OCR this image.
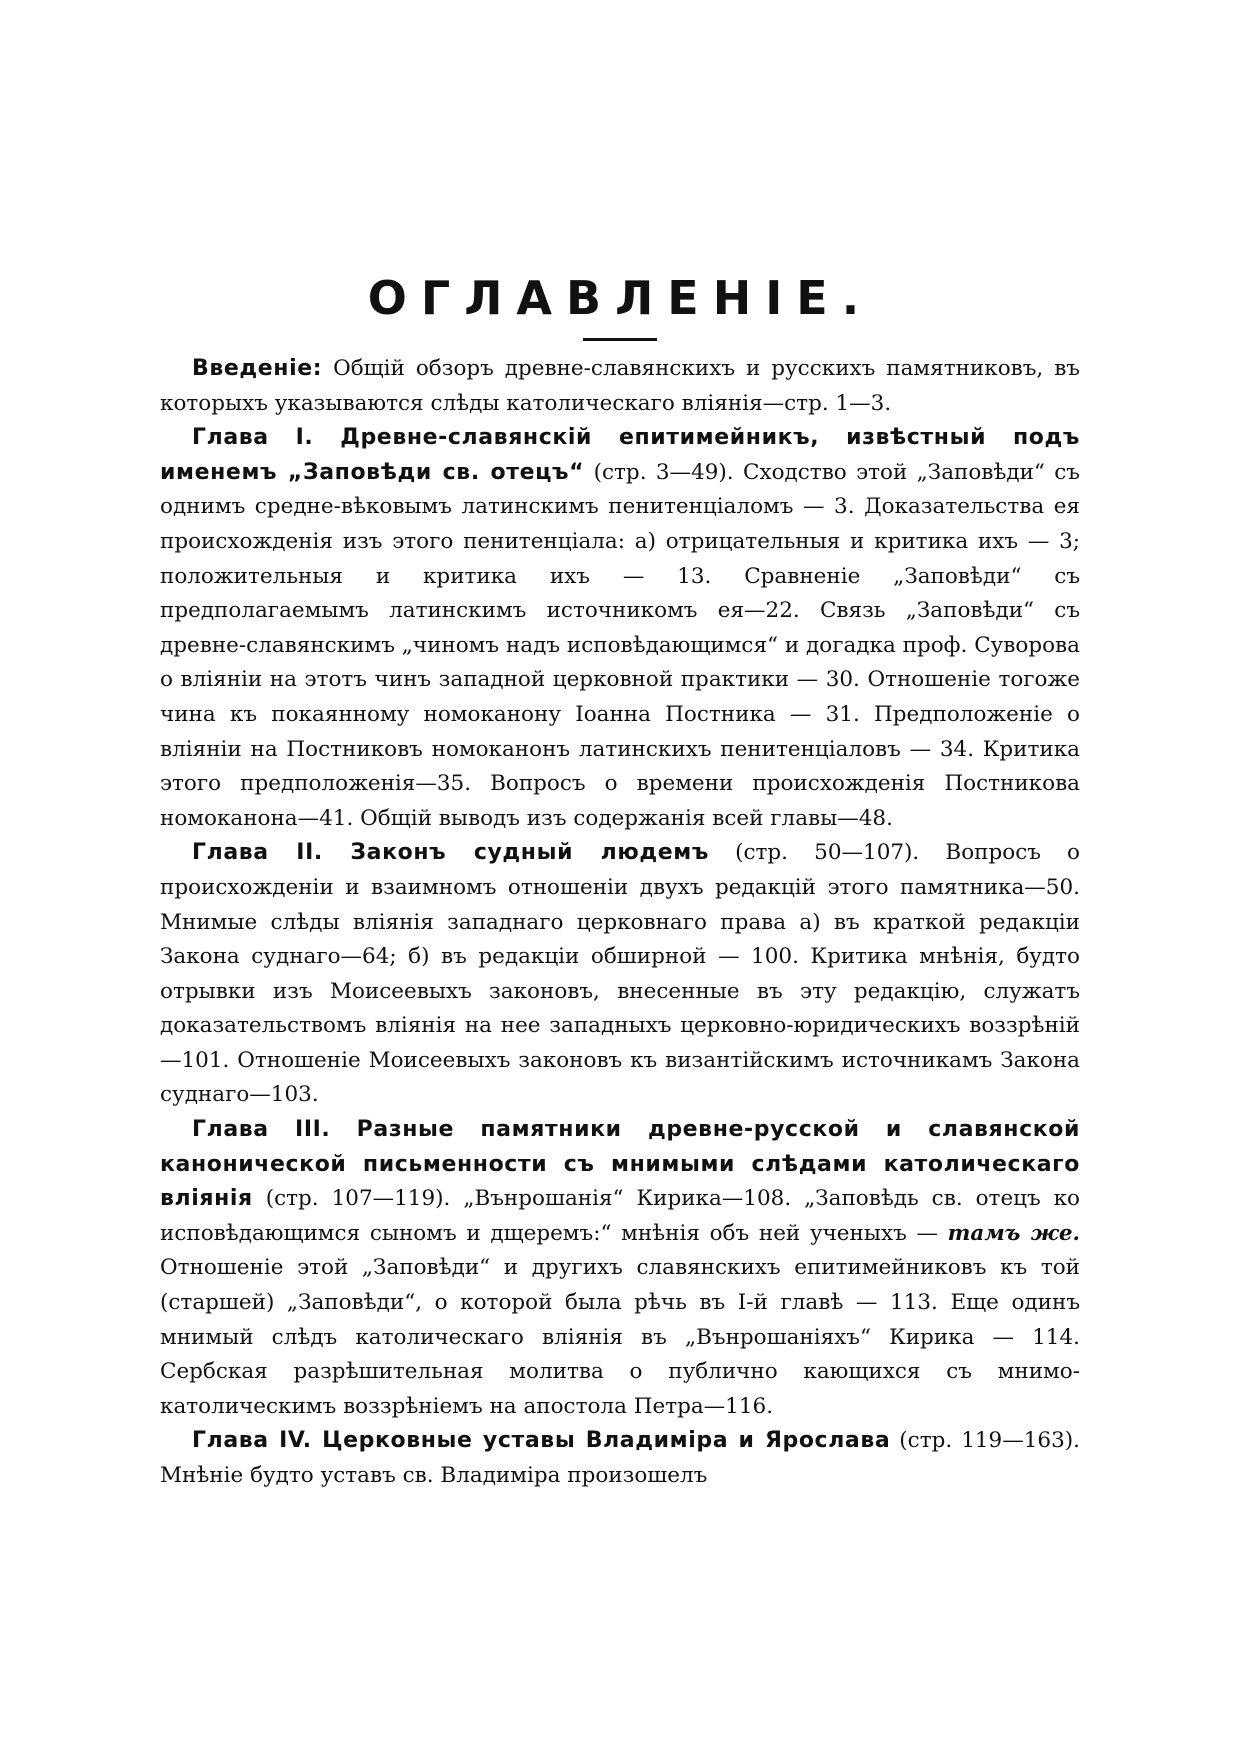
ОГЛАВЛЕНІЕ.

Введеніе: Общій обзоръ древне-славянскихъ и русскихъ памятниковъ, въ которыхъ указываются слѣды католическаго вліянія—стр. 1—3.

Глава I. Древне-славянскій епитимейникъ, извѣстный подъ именемъ „Заповѣди св. отецъ“ (стр. 3—49). Сходство этой „Заповѣди“ съ однимъ средне-вѣковымъ латинскимъ пенитенціаломъ — 3. Доказательства ея происхожденія изъ этого пенитенціала: а) отрицательныя и критика ихъ — 3; положительныя и критика ихъ — 13. Сравненіе „Заповѣди“ съ предполагаемымъ латинскимъ источникомъ ея—22. Связь „Заповѣди“ съ древне-славянскимъ „чиномъ надъ исповѣдающимся“ и догадка проф. Суворова о вліяніи на этотъ чинъ западной церковной практики — 30. Отношеніе тогоже чина къ покаянному номоканону Іоанна Постника — 31. Предположеніе о вліяніи на Постниковъ номоканонъ латинскихъ пенитенціаловъ — 34. Критика этого предположенія—35. Вопросъ о времени происхожденія Постникова номоканона—41. Общій выводъ изъ содержанія всей главы—48.

Глава II. Законъ судный людемъ (стр. 50—107). Вопросъ о происхожденіи и взаимномъ отношеніи двухъ редакцій этого памятника—50. Мнимые слѣды вліянія западнаго церковнаго права а) въ краткой редакціи Закона суднаго—64; б) въ редакціи обширной — 100. Критика мнѣнія, будто отрывки изъ Моисеевыхъ законовъ, внесенные въ эту редакцію, служатъ доказательствомъ вліянія на нее западныхъ церковно-юридическихъ воззрѣній—101. Отношеніе Моисеевыхъ законовъ къ византійскимъ источникамъ Закона суднаго—103.

Глава III. Разные памятники древне-русской и славянской канонической письменности съ мнимыми слѣдами католическаго вліянія (стр. 107—119). „Вънрошанія“ Кирика—108. „Заповѣдь св. отецъ ко исповѣдающимся сыномъ и дщеремъ:“ мнѣнія объ ней ученыхъ — тамъ же. Отношеніе этой „Заповѣди“ и другихъ славянскихъ епитимейниковъ къ той (старшей) „Заповѣди“, о которой была рѣчь въ І-й главѣ — 113. Еще одинъ мнимый слѣдъ католическаго вліянія въ „Вънрошаніяхъ“ Кирика — 114. Сербская разрѣшительная молитва о публично кающихся съ мнимо-католическимъ воззрѣніемъ на апостола Петра—116.

Глава IV. Церковные уставы Владиміра и Ярослава (стр. 119—163). Мнѣніе будто уставъ св. Владиміра произошелъ
